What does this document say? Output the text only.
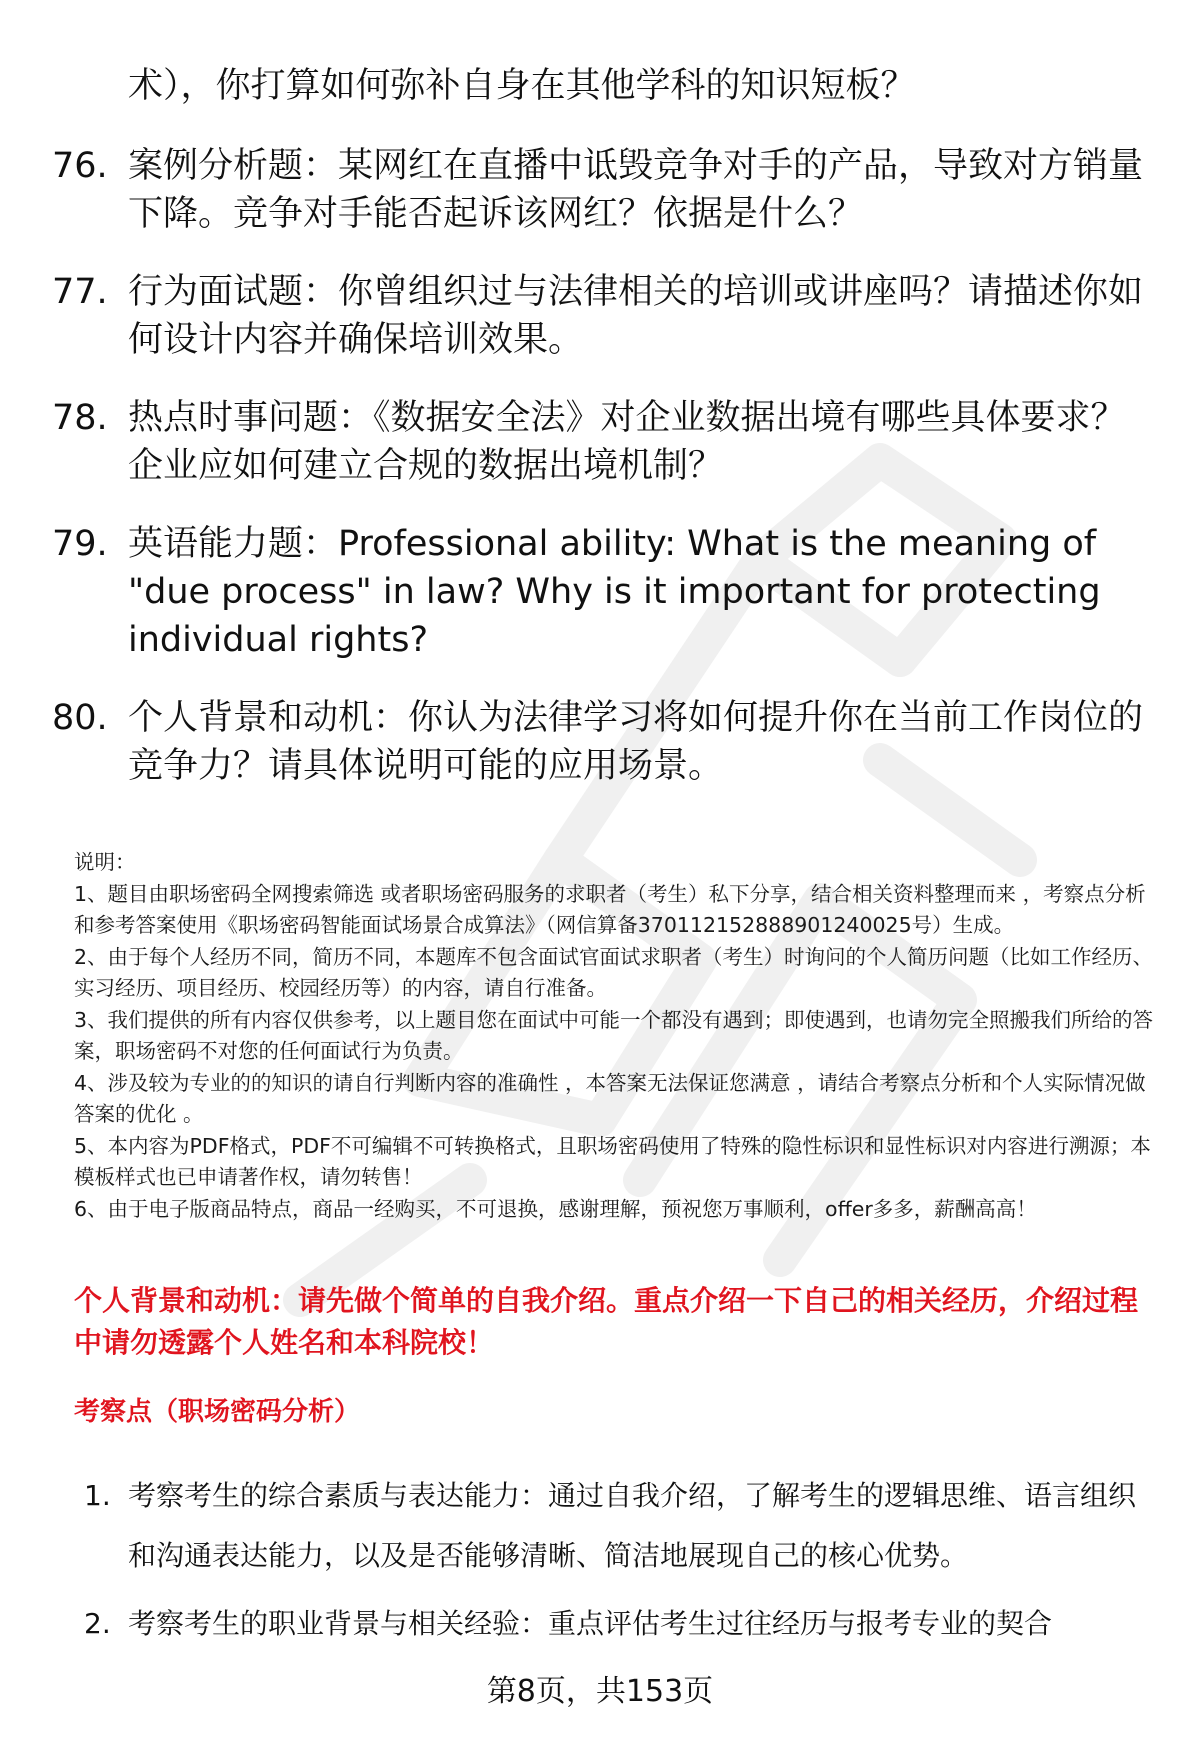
术），你打算如何弥补自身在其他学科的知识短板？
76. 案例分析题：某网红在直播中诋毁竞争对手的产品，导致对方销量下降。竞争对手能否起诉该网红？依据是什么？
77. 行为面试题：你曾组织过与法律相关的培训或讲座吗？请描述你如何设计内容并确保培训效果。
78. 热点时事问题：《数据安全法》对企业数据出境有哪些具体要求？企业应如何建立合规的数据出境机制？
79. 英语能力题：Professional ability: What is the meaning of "due process" in law? Why is it important for protecting individual rights?
80. 个人背景和动机：你认为法律学习将如何提升你在当前工作岗位的竞争力？请具体说明可能的应用场景。

说明：

1、题目由职场密码全网搜索筛选 或者职场密码服务的求职者（考生）私下分享，结合相关资料整理而来 ，考察点分析和参考答案使用《职场密码智能面试场景合成算法》（网信算备370112152888901240025号）生成。

2、由于每个人经历不同，简历不同，本题库不包含面试官面试求职者（考生）时询问的个人简历问题（比如工作经历、实习经历、项目经历、校园经历等）的内容，请自行准备。

3、我们提供的所有内容仅供参考，以上题目您在面试中可能一个都没有遇到；即使遇到，也请勿完全照搬我们所给的答案，职场密码不对您的任何面试行为负责。

4、涉及较为专业的的知识的请自行判断内容的准确性 ，本答案无法保证您满意 ，请结合考察点分析和个人实际情况做答案的优化 。

5、本内容为PDF格式，PDF不可编辑不可转换格式，且职场密码使用了特殊的隐性标识和显性标识对内容进行溯源；本模板样式也已申请著作权，请勿转售！

6、由于电子版商品特点，商品一经购买，不可退换，感谢理解，预祝您万事顺利，offer多多，薪酬高高！

个人背景和动机：请先做个简单的自我介绍。重点介绍一下自己的相关经历，介绍过程中请勿透露个人姓名和本科院校！
考察点（职场密码分析）
1. 考察考生的综合素质与表达能力：通过自我介绍，了解考生的逻辑思维、语言组织和沟通表达能力，以及是否能够清晰、简洁地展现自己的核心优势。
2. 考察考生的职业背景与相关经验：重点评估考生过往经历与报考专业的契合
第8页，共153页
